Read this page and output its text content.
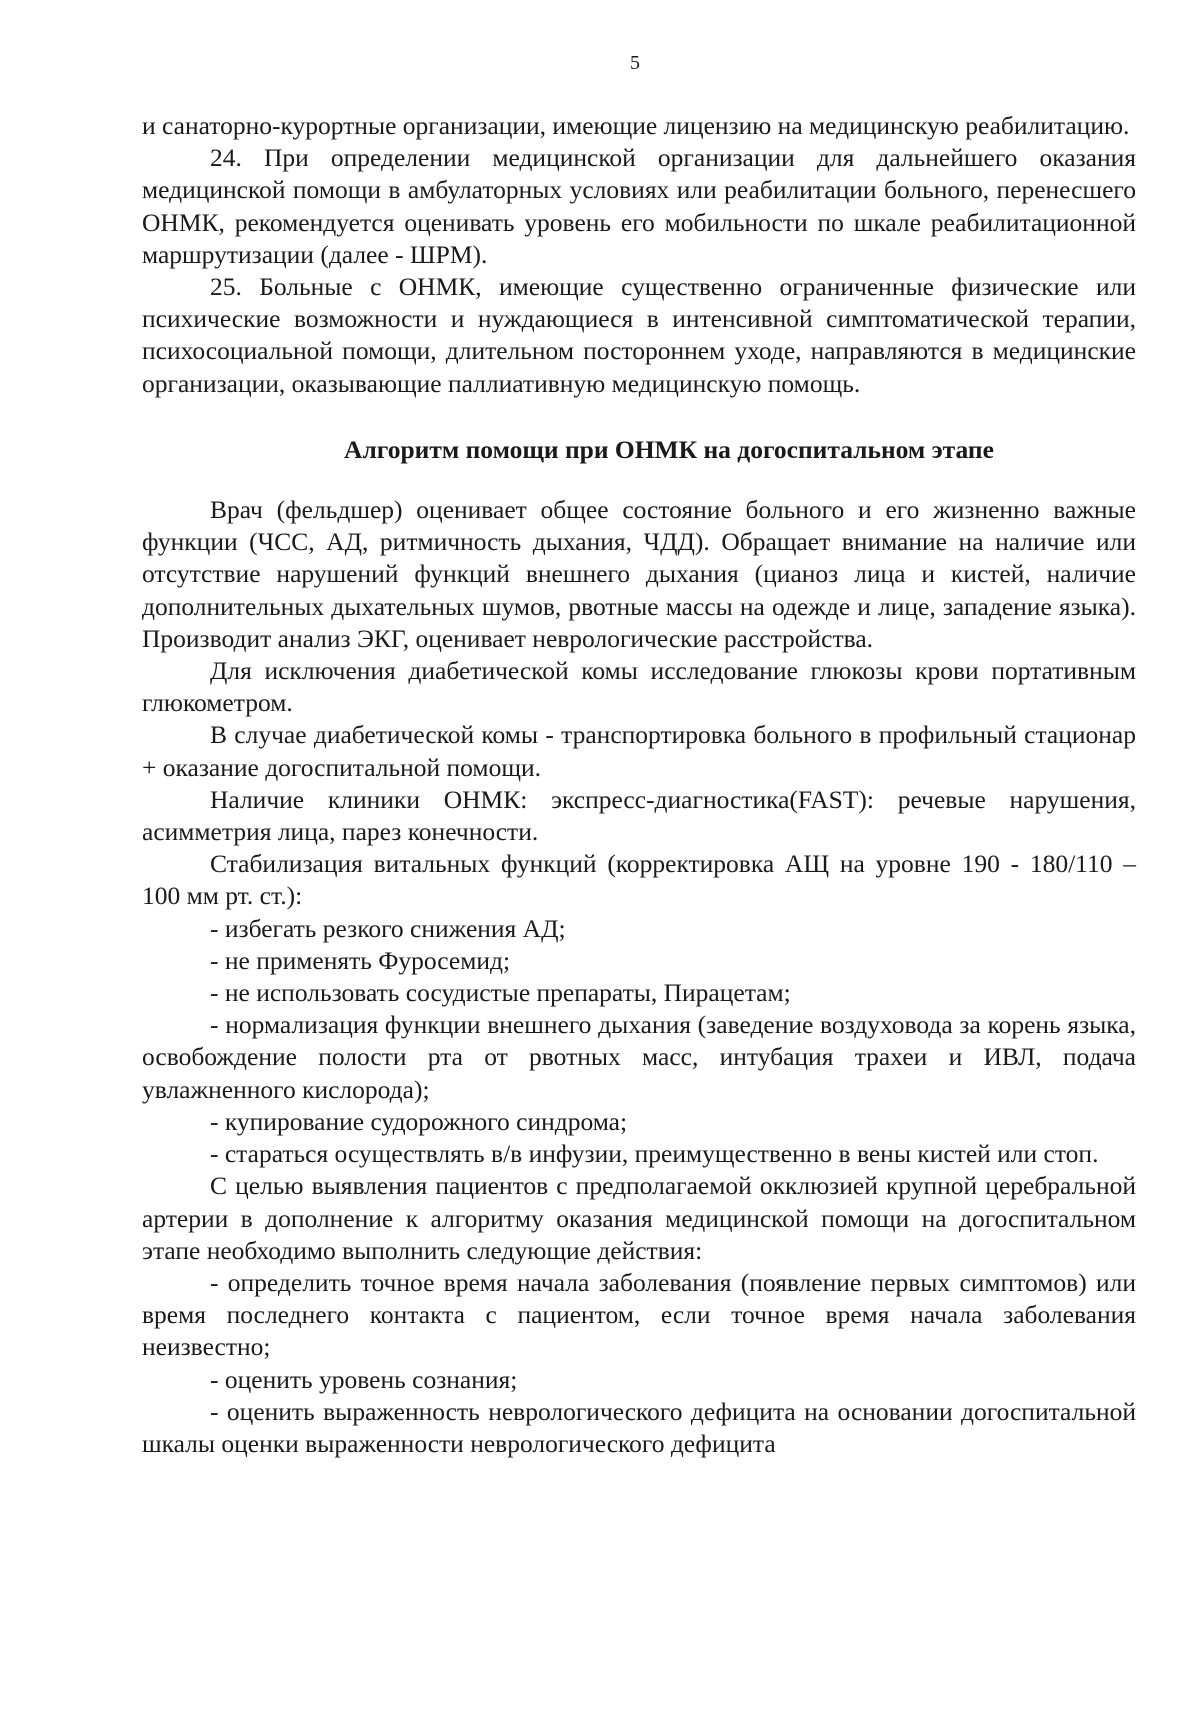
5

и санаторно-курортные организации, имеющие лицензию на медицинскую реабилитацию.

24. При определении медицинской организации для дальнейшего оказания медицинской помощи в амбулаторных условиях или реабилитации больного, перенесшего ОНМК, рекомендуется оценивать уровень его мобильности по шкале реабилитационной маршрутизации (далее - ШРМ).

25. Больные с ОНМК, имеющие существенно ограниченные физические или психические возможности и нуждающиеся в интенсивной симптоматической терапии, психосоциальной помощи, длительном постороннем уходе, направляются в медицинские организации, оказывающие паллиативную медицинскую помощь.

Алгоритм помощи при ОНМК на догоспитальном этапе

Врач (фельдшер) оценивает общее состояние больного и его жизненно важные функции (ЧСС, АД, ритмичность дыхания, ЧДД). Обращает внимание на наличие или отсутствие нарушений функций внешнего дыхания (цианоз лица и кистей, наличие дополнительных дыхательных шумов, рвотные массы на одежде и лице, западение языка). Производит анализ ЭКГ, оценивает неврологические расстройства.

Для исключения диабетической комы исследование глюкозы крови портативным глюкометром.

В случае диабетической комы - транспортировка больного в профильный стационар + оказание догоспитальной помощи.

Наличие клиники ОНМК: экспресс-диагностика(FAST): речевые нарушения, асимметрия лица, парез конечности.

Стабилизация витальных функций (корректировка АЩ на уровне 190 - 180/110 – 100 мм рт. ст.):

- избегать резкого снижения АД;

- не применять Фуросемид;

- не использовать сосудистые препараты, Пирацетам;

- нормализация функции внешнего дыхания (заведение воздуховода за корень языка, освобождение полости рта от рвотных масс, интубация трахеи и ИВЛ, подача увлажненного кислорода);

- купирование судорожного синдрома;

- стараться осуществлять в/в инфузии, преимущественно в вены кистей или стоп.

С целью выявления пациентов с предполагаемой окклюзией крупной церебральной артерии в дополнение к алгоритму оказания медицинской помощи на догоспитальном этапе необходимо выполнить следующие действия:

- определить точное время начала заболевания (появление первых симптомов) или время последнего контакта с пациентом, если точное время начала заболевания неизвестно;

- оценить уровень сознания;

- оценить выраженность неврологического дефицита на основании догоспитальной шкалы оценки выраженности неврологического дефицита
